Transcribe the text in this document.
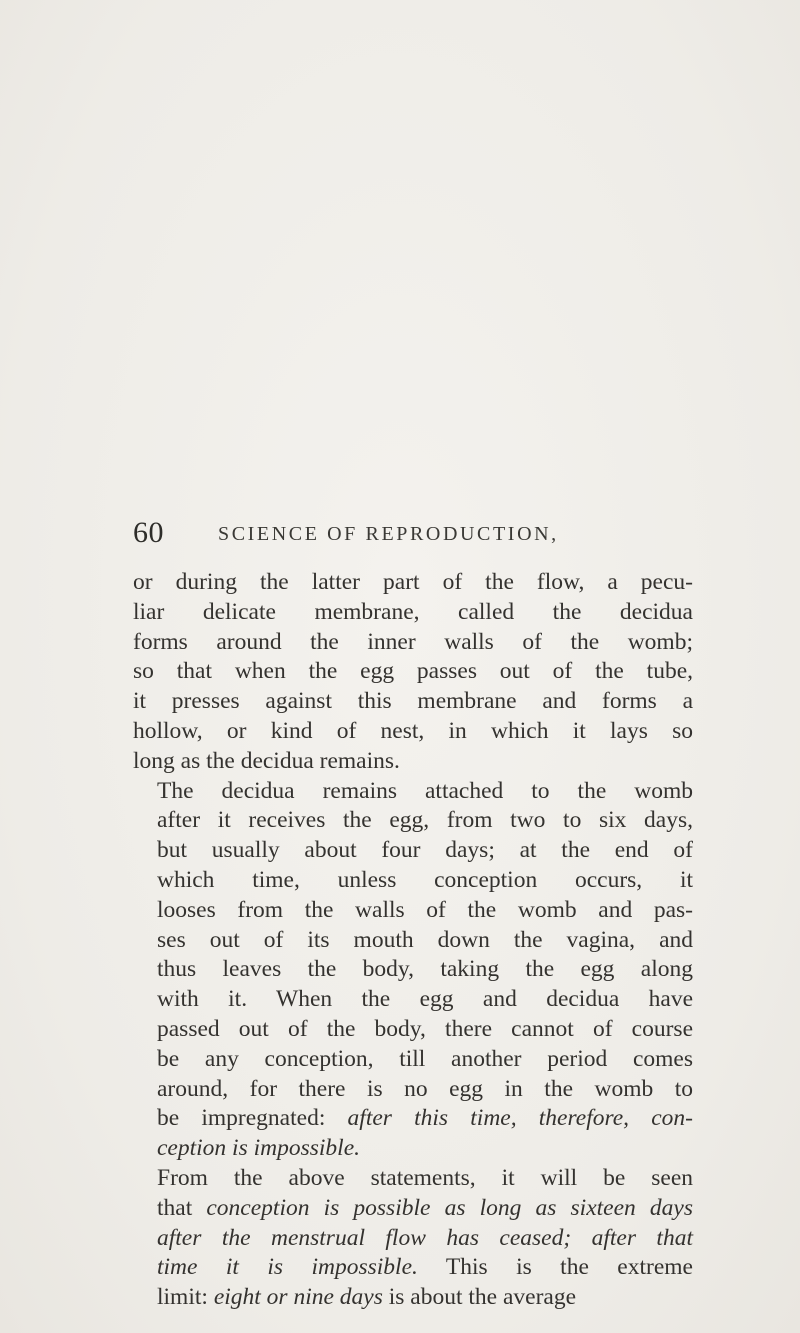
60	SCIENCE OF REPRODUCTION,

or during the latter part of the flow, a pecu-
liar delicate membrane, called the decidua
forms around the inner walls of the womb;
so that when the egg passes out of the tube,
it presses against this membrane and forms a
hollow, or kind of nest, in which it lays so
long as the decidua remains.

The decidua remains attached to the womb
after it receives the egg, from two to six days,
but usually about four days; at the end of
which time, unless conception occurs, it
looses from the walls of the womb and pas-
ses out of its mouth down the vagina, and
thus leaves the body, taking the egg along
with it. When the egg and decidua have
passed out of the body, there cannot of course
be any conception, till another period comes
around, for there is no egg in the womb to
be impregnated: after this time, therefore, con-
ception is impossible.

From the above statements, it will be seen
that conception is possible as long as sixteen days
after the menstrual flow has ceased; after that
time it is impossible. This is the extreme
limit: eight or nine days is about the average
